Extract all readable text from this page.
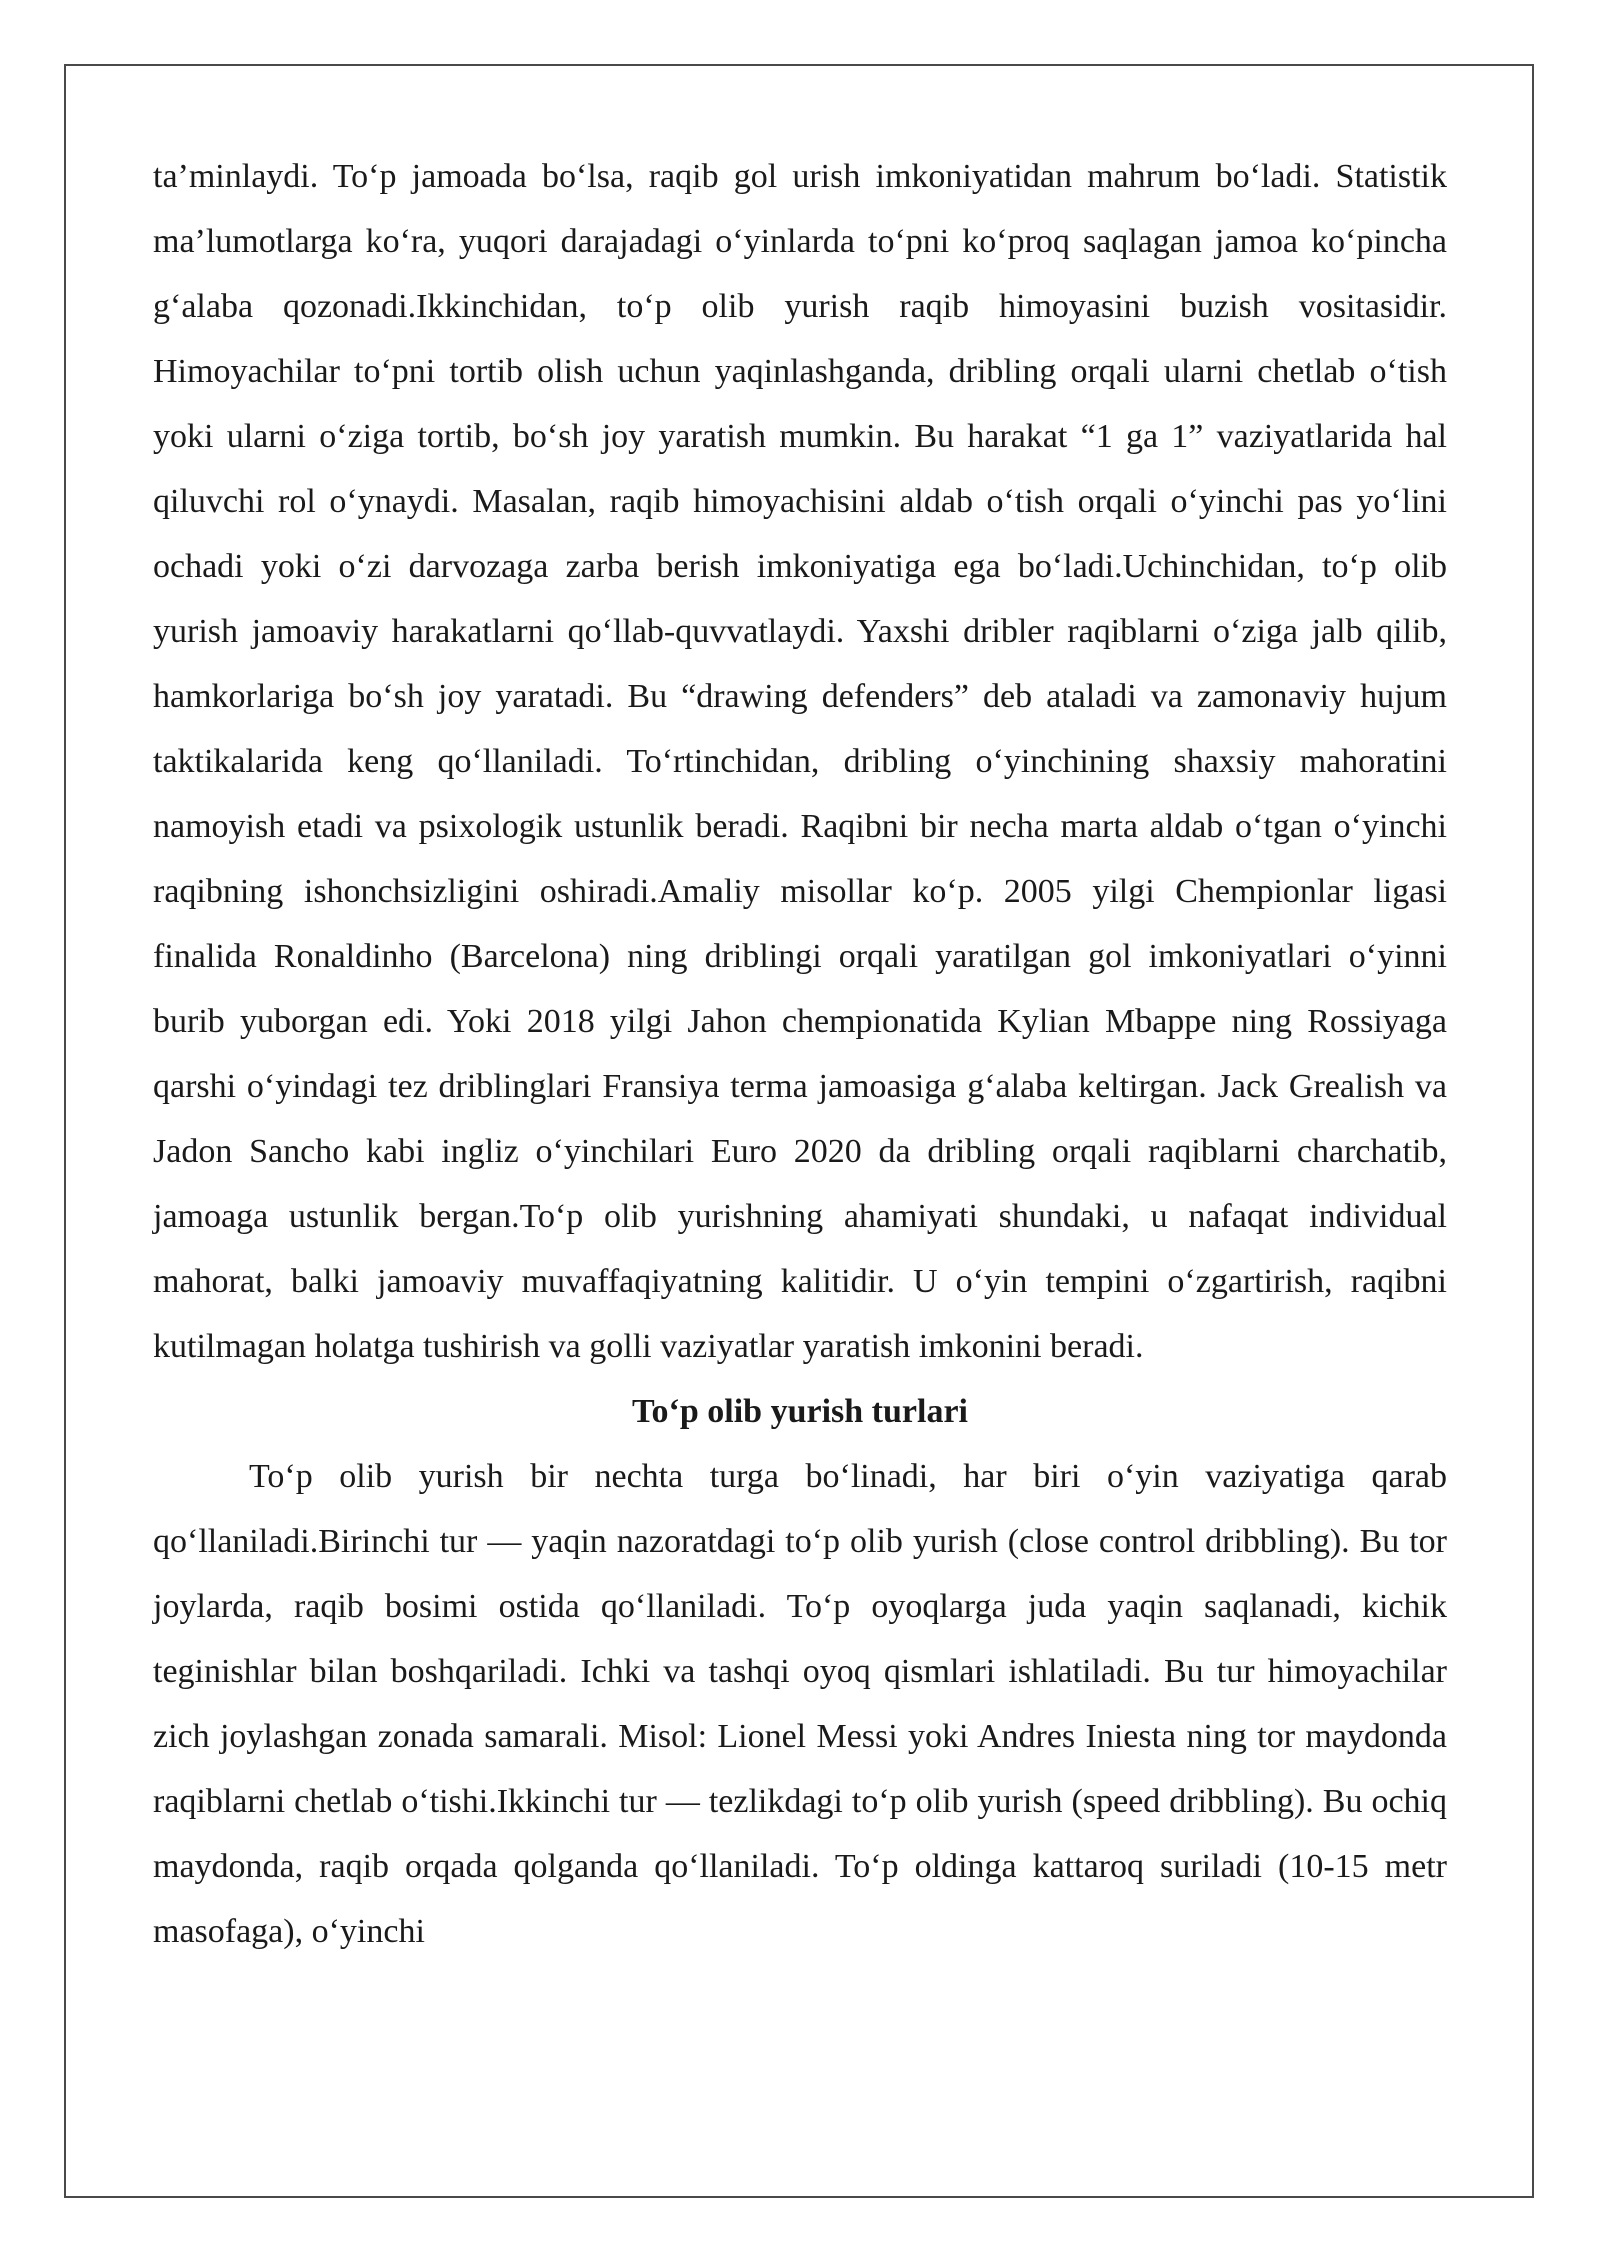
ta’minlaydi. To‘p jamoada bo‘lsa, raqib gol urish imkoniyatidan mahrum bo‘ladi. Statistik ma’lumotlarga ko‘ra, yuqori darajadagi o‘yinlarda to‘pni ko‘proq saqlagan jamoa ko‘pincha g‘alaba qozonadi.Ikkinchidan, to‘p olib yurish raqib himoyasini buzish vositasidir. Himoyachilar to‘pni tortib olish uchun yaqinlashganda, dribling orqali ularni chetlab o‘tish yoki ularni o‘ziga tortib, bo‘sh joy yaratish mumkin. Bu harakat “1 ga 1” vaziyatlarida hal qiluvchi rol o‘ynaydi. Masalan, raqib himoyachisini aldab o‘tish orqali o‘yinchi pas yo‘lini ochadi yoki o‘zi darvozaga zarba berish imkoniyatiga ega bo‘ladi.Uchinchidan, to‘p olib yurish jamoaviy harakatlarni qo‘llab-quvvatlaydi. Yaxshi dribler raqiblarni o‘ziga jalb qilib, hamkorlariga bo‘sh joy yaratadi. Bu “drawing defenders” deb ataladi va zamonaviy hujum taktikalarida keng qo‘llaniladi. To‘rtinchidan, dribling o‘yinchining shaxsiy mahoratini namoyish etadi va psixologik ustunlik beradi. Raqibni bir necha marta aldab o‘tgan o‘yinchi raqibning ishonchsizligini oshiradi.Amaliy misollar ko‘p. 2005 yilgi Chempionlar ligasi finalida Ronaldinho (Barcelona) ning driblingi orqali yaratilgan gol imkoniyatlari o‘yinni burib yuborgan edi. Yoki 2018 yilgi Jahon chempionatida Kylian Mbappe ning Rossiyaga qarshi o‘yindagi tez driblinglari Fransiya terma jamoasiga g‘alaba keltirgan. Jack Grealish va Jadon Sancho kabi ingliz o‘yinchilari Euro 2020 da dribling orqali raqiblarni charchatib, jamoaga ustunlik bergan.To‘p olib yurishning ahamiyati shundaki, u nafaqat individual mahorat, balki jamoaviy muvaffaqiyatning kalitidir. U o‘yin tempini o‘zgartirish, raqibni kutilmagan holatga tushirish va golli vaziyatlar yaratish imkonini beradi.

To‘p olib yurish turlari

To‘p olib yurish bir nechta turga bo‘linadi, har biri o‘yin vaziyatiga qarab qo‘llaniladi.Birinchi tur — yaqin nazoratdagi to‘p olib yurish (close control dribbling). Bu tor joylarda, raqib bosimi ostida qo‘llaniladi. To‘p oyoqlarga juda yaqin saqlanadi, kichik teginishlar bilan boshqariladi. Ichki va tashqi oyoq qismlari ishlatiladi. Bu tur himoyachilar zich joylashgan zonada samarali. Misol: Lionel Messi yoki Andres Iniesta ning tor maydonda raqiblarni chetlab o‘tishi.Ikkinchi tur — tezlikdagi to‘p olib yurish (speed dribbling). Bu ochiq maydonda, raqib orqada qolganda qo‘llaniladi. To‘p oldinga kattaroq suriladi (10-15 metr masofaga), o‘yinchi
